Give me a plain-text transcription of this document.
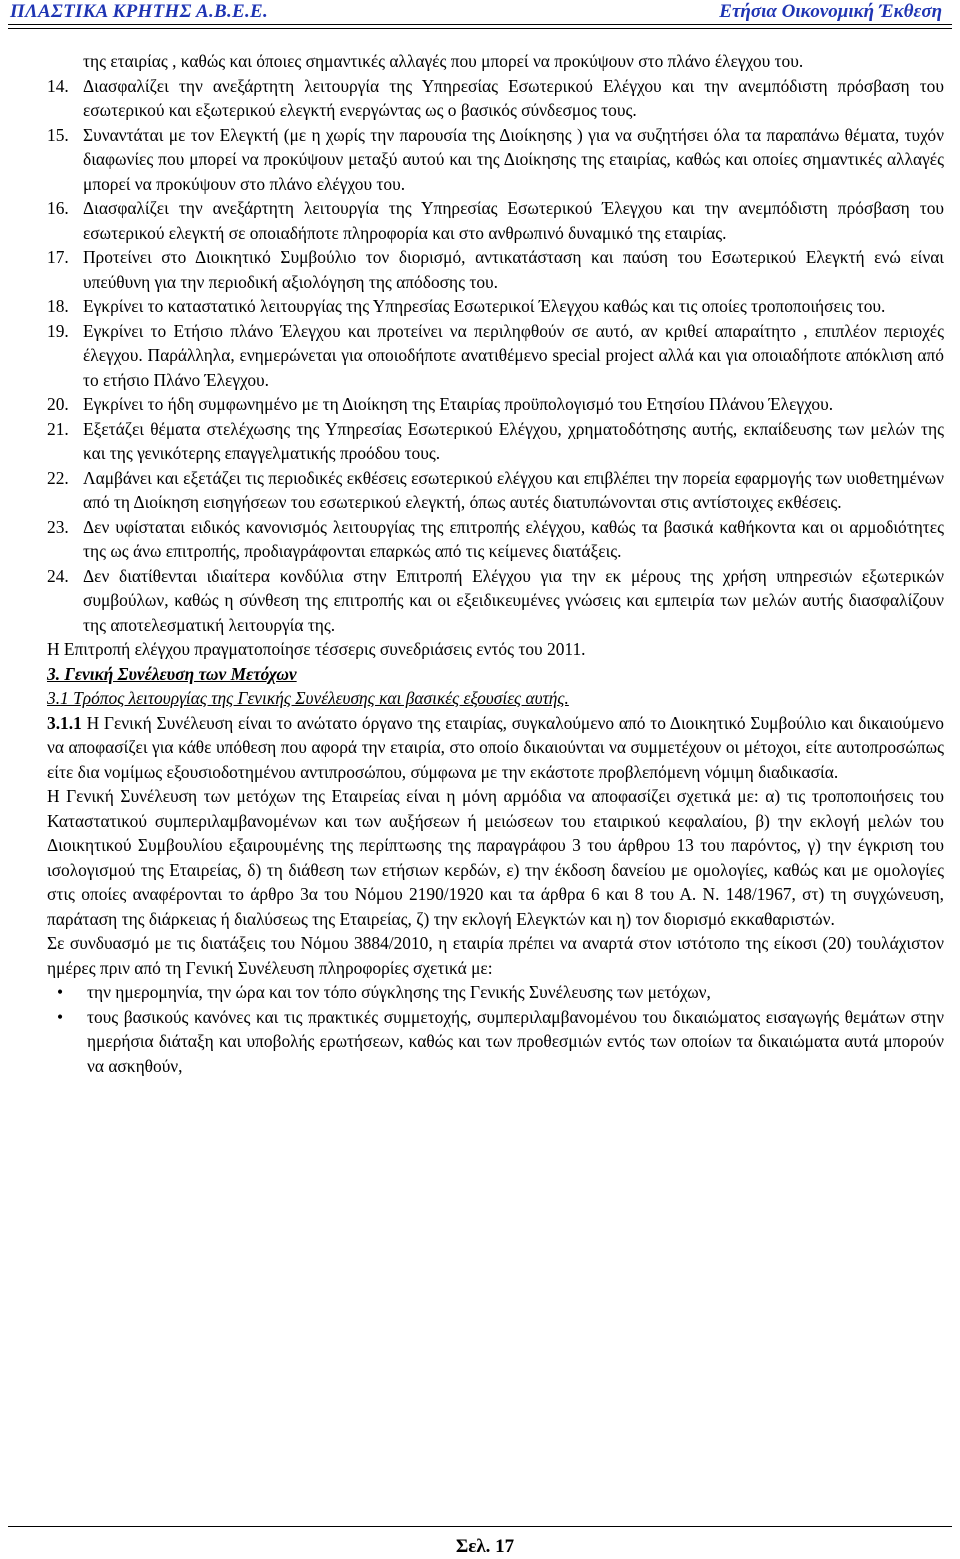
ΠΛΑΣΤΙΚΑ ΚΡΗΤΗΣ Α.Β.Ε.Ε.	Ετήσια Οικονομική Έκθεση

της εταιρίας , καθώς και όποιες σημαντικές αλλαγές που μπορεί να προκύψουν στο πλάνο έλεγχου του.

14. Διασφαλίζει την ανεξάρτητη λειτουργία της Υπηρεσίας Εσωτερικού Ελέγχου και την ανεμπόδιστη πρόσβαση του εσωτερικού και εξωτερικού ελεγκτή ενεργώντας ως ο βασικός σύνδεσμος τους.
15. Συναντάται με τον Ελεγκτή (με η χωρίς την παρουσία της Διοίκησης ) για να συζητήσει όλα τα παραπάνω θέματα, τυχόν διαφωνίες που μπορεί να προκύψουν μεταξύ αυτού και της Διοίκησης της εταιρίας, καθώς και οποίες σημαντικές αλλαγές μπορεί να προκύψουν στο πλάνο ελέγχου του.
16. Διασφαλίζει την ανεξάρτητη λειτουργία της Υπηρεσίας Εσωτερικού Έλεγχου και την ανεμπόδιστη πρόσβαση του εσωτερικού ελεγκτή σε οποιαδήποτε πληροφορία και στο ανθρωπινό δυναμικό της εταιρίας.
17. Προτείνει στο Διοικητικό Συμβούλιο τον διορισμό, αντικατάσταση και παύση του Εσωτερικού Ελεγκτή ενώ είναι υπεύθυνη για την περιοδική αξιολόγηση της απόδοσης του.
18. Εγκρίνει το καταστατικό λειτουργίας της Υπηρεσίας Εσωτερικοί Έλεγχου καθώς και τις οποίες τροποποιήσεις του.
19. Εγκρίνει το Ετήσιο πλάνο Έλεγχου και προτείνει να περιληφθούν σε αυτό, αν κριθεί απαραίτητο , επιπλέον περιοχές έλεγχου. Παράλληλα, ενημερώνεται για οποιοδήποτε ανατιθέμενο special project αλλά και για οποιαδήποτε απόκλιση από το ετήσιο Πλάνο Έλεγχου.
20. Εγκρίνει το ήδη συμφωνημένο με τη Διοίκηση της Εταιρίας προϋπολογισμό του Ετησίου Πλάνου Έλεγχου.
21. Εξετάζει θέματα στελέχωσης της Υπηρεσίας Εσωτερικού Ελέγχου, χρηματοδότησης αυτής, εκπαίδευσης των μελών της και της γενικότερης επαγγελματικής προόδου τους.
22. Λαμβάνει και εξετάζει τις περιοδικές εκθέσεις εσωτερικού ελέγχου και επιβλέπει την πορεία εφαρμογής των υιοθετημένων από τη Διοίκηση εισηγήσεων του εσωτερικού ελεγκτή, όπως αυτές διατυπώνονται στις αντίστοιχες εκθέσεις.
23. Δεν υφίσταται ειδικός κανονισμός λειτουργίας της επιτροπής ελέγχου, καθώς τα βασικά καθήκοντα και οι αρμοδιότητες της ως άνω επιτροπής, προδιαγράφονται επαρκώς από τις κείμενες διατάξεις.
24. Δεν διατίθενται ιδιαίτερα κονδύλια στην Επιτροπή Ελέγχου για την εκ μέρους της χρήση υπηρεσιών εξωτερικών συμβούλων, καθώς η σύνθεση της επιτροπής και οι εξειδικευμένες γνώσεις και εμπειρία των μελών αυτής διασφαλίζουν της αποτελεσματική λειτουργία της.

Η Επιτροπή ελέγχου πραγματοποίησε τέσσερις συνεδριάσεις εντός του 2011.

3. Γενική Συνέλευση των Μετόχων

3.1 Τρόπος λειτουργίας της Γενικής Συνέλευσης και βασικές εξουσίες αυτής.

3.1.1 Η Γενική Συνέλευση είναι το ανώτατο όργανο της εταιρίας, συγκαλούμενο από το Διοικητικό Συμβούλιο και δικαιούμενο να αποφασίζει για κάθε υπόθεση που αφορά την εταιρία, στο οποίο δικαιούνται να συμμετέχουν οι μέτοχοι, είτε αυτοπροσώπως είτε δια νομίμως εξουσιοδοτημένου αντιπροσώπου, σύμφωνα με την εκάστοτε προβλεπόμενη νόμιμη διαδικασία.

Η Γενική Συνέλευση των μετόχων της Εταιρείας είναι η μόνη αρμόδια να αποφασίζει σχετικά με: α) τις τροποποιήσεις του Καταστατικού συμπεριλαμβανομένων και των αυξήσεων ή μειώσεων του εταιρικού κεφαλαίου, β) την εκλογή μελών του Διοικητικού Συμβουλίου εξαιρουμένης της περίπτωσης της παραγράφου 3 του άρθρου 13 του παρόντος, γ) την έγκριση του ισολογισμού της Εταιρείας, δ) τη διάθεση των ετήσιων κερδών, ε) την έκδοση δανείου με ομολογίες, καθώς και με ομολογίες στις οποίες αναφέρονται το άρθρο 3α του Νόμου 2190/1920 και τα άρθρα 6 και 8 του Α. Ν. 148/1967, στ) τη συγχώνευση, παράταση της διάρκειας ή διαλύσεως της Εταιρείας, ζ) την εκλογή Ελεγκτών και η) τον διορισμό εκκαθαριστών.

Σε συνδυασμό με τις διατάξεις του Νόμου 3884/2010, η εταιρία πρέπει να αναρτά στον ιστότοπο της είκοσι (20) τουλάχιστον ημέρες πριν από τη Γενική Συνέλευση πληροφορίες σχετικά με:

•	την ημερομηνία, την ώρα και τον τόπο σύγκλησης της Γενικής Συνέλευσης των μετόχων,
•	τους βασικούς κανόνες και τις πρακτικές συμμετοχής, συμπεριλαμβανομένου του δικαιώματος εισαγωγής θεμάτων στην ημερήσια διάταξη και υποβολής ερωτήσεων, καθώς και των προθεσμιών εντός των οποίων τα δικαιώματα αυτά μπορούν να ασκηθούν,
Σελ. 17
